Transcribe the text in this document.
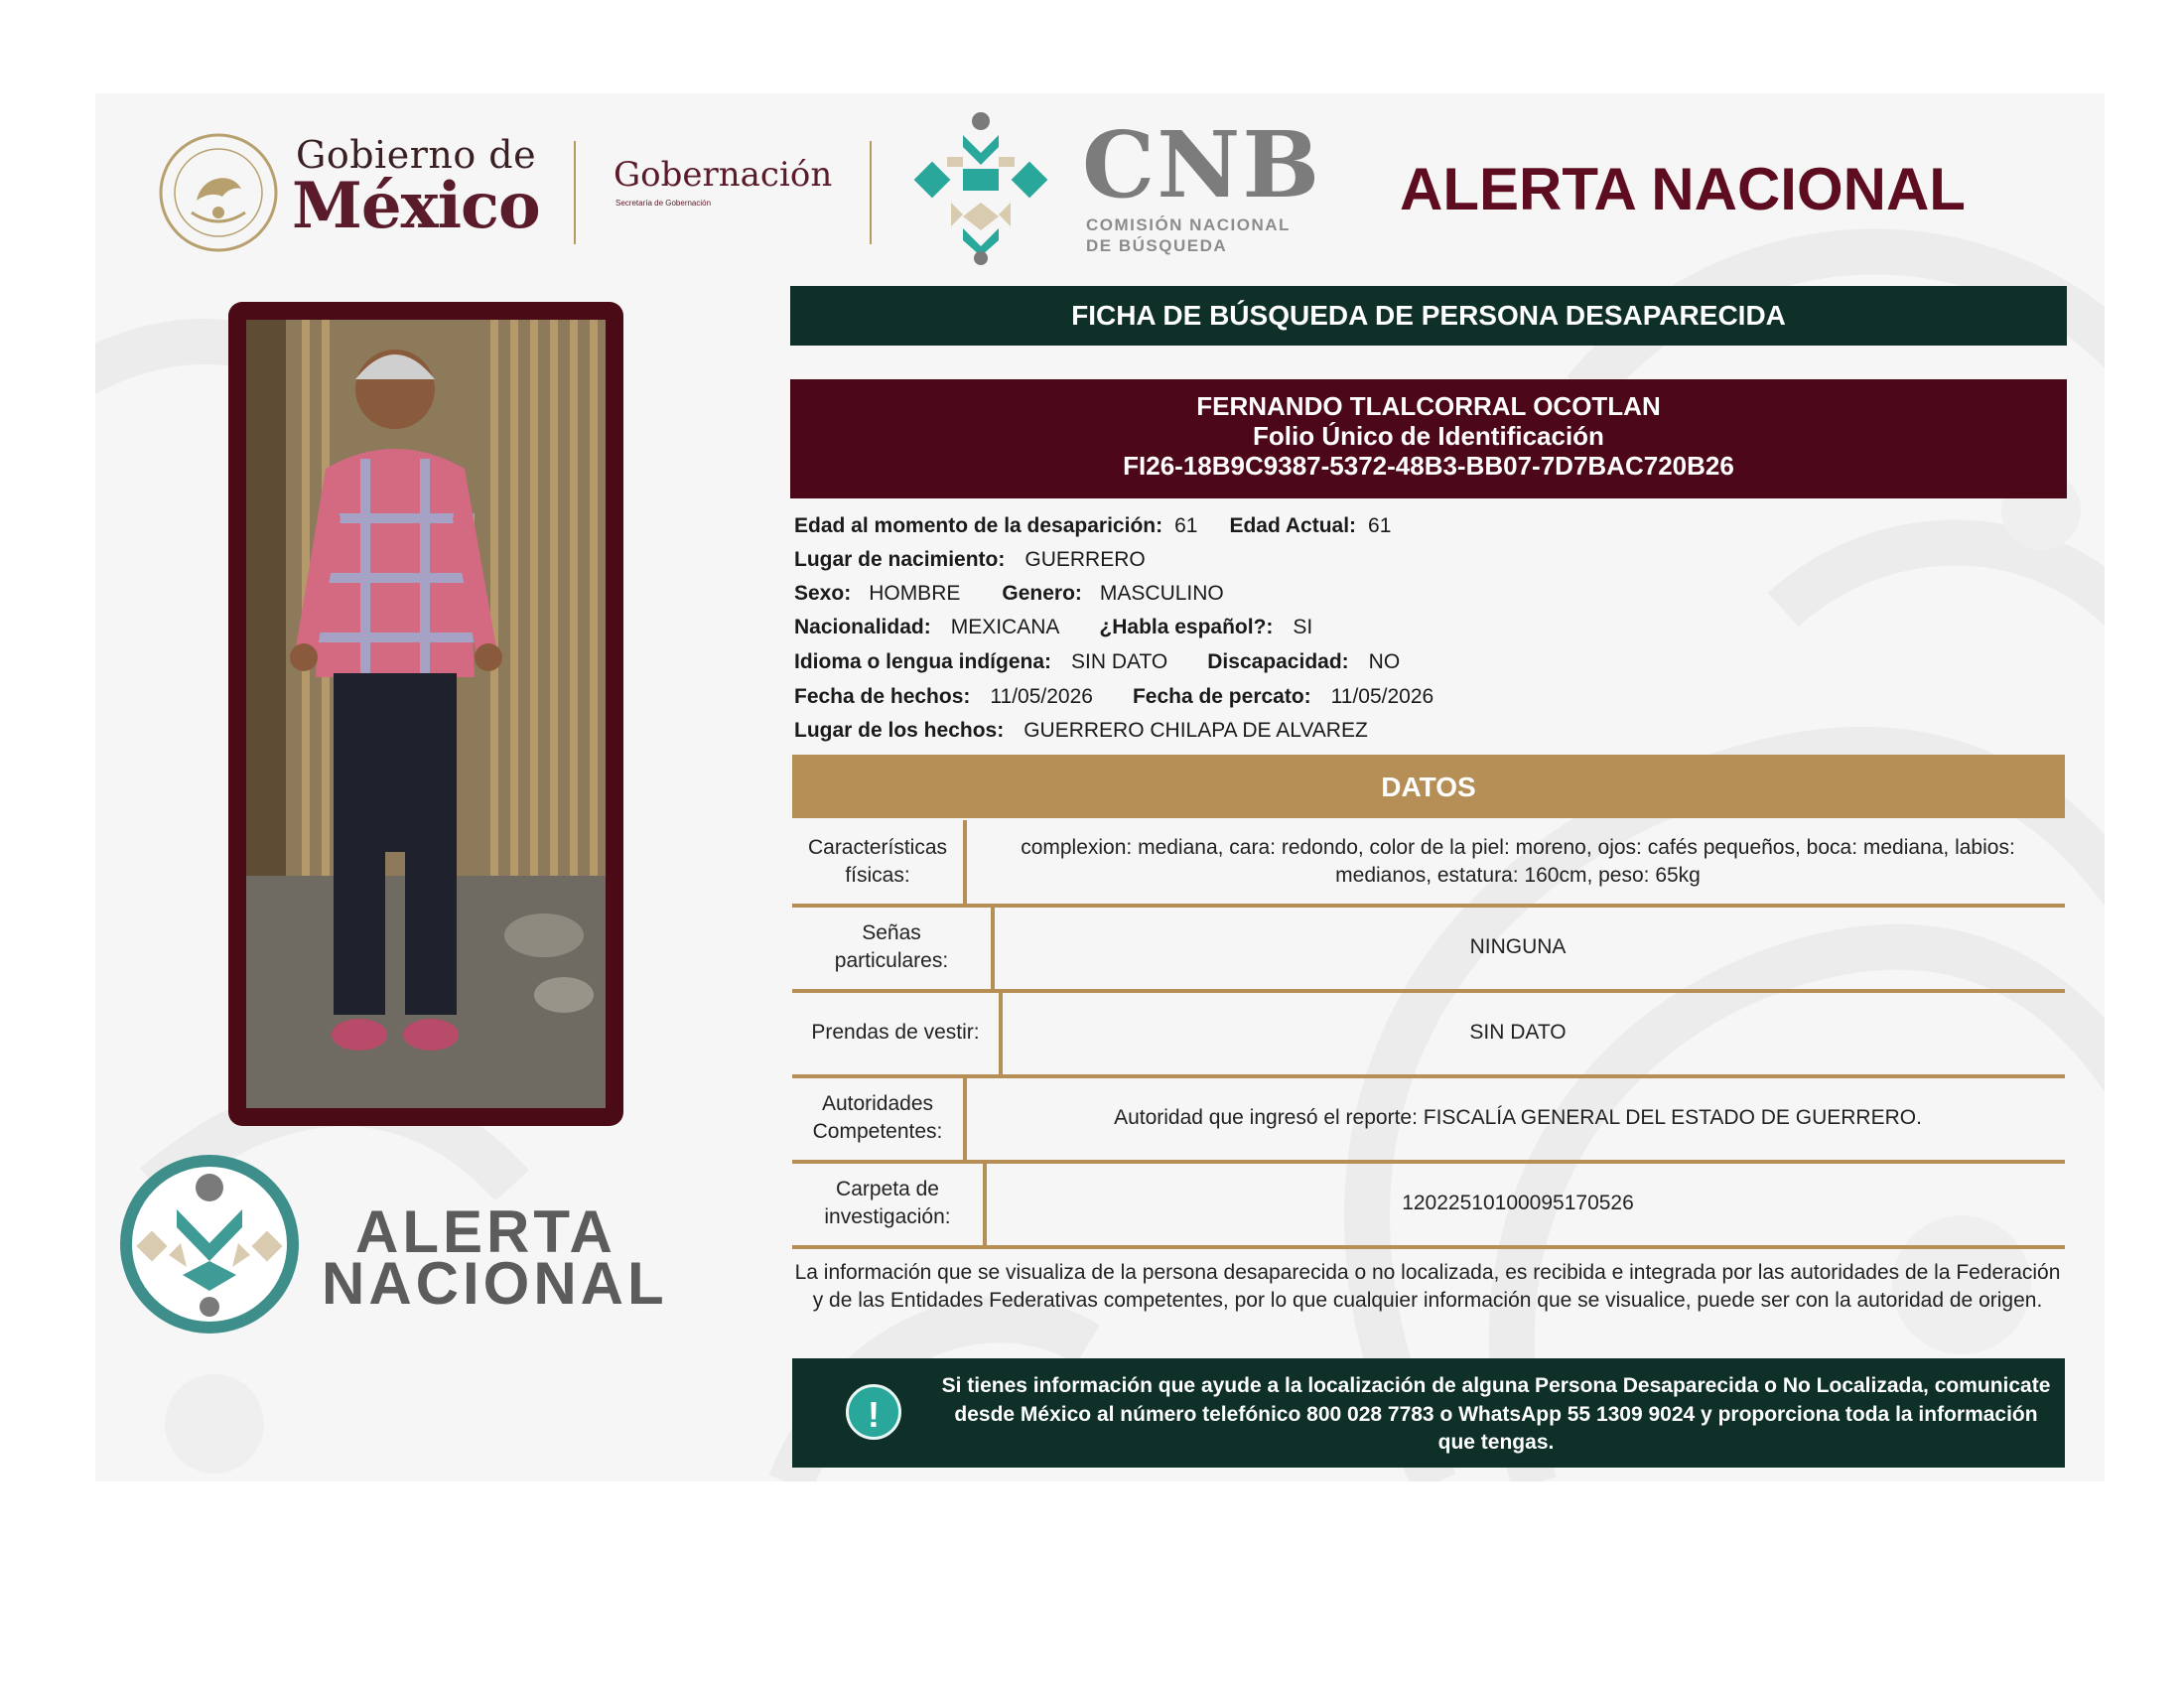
Gobierno de
México Gobernación
Secretaría de Gobernación	CNB
COMISIÓN NACIONAL
DE BÚSQUEDA
ALERTA NACIONAL
ALERTA
NACIONAL
FICHA DE BÚSQUEDA DE PERSONA DESAPARECIDA
FERNANDO TLALCORRAL OCOTLAN
Folio Único de Identificación
FI26-18B9C9387-5372-48B3-BB07-7D7BAC720B26
Edad al momento de la desaparición: 61 Edad Actual: 61
Lugar de nacimiento: GUERRERO
Sexo: HOMBRE Genero: MASCULINO
Nacionalidad: MEXICANA ¿Habla español?: SI
Idioma o lengua indígena: SIN DATO Discapacidad: NO
Fecha de hechos: 11/05/2026 Fecha de percato: 11/05/2026
Lugar de los hechos: GUERRERO CHILAPA DE ALVAREZ
DATOS
Características físicas:
complexion: mediana, cara: redondo, color de la piel: moreno, ojos: cafés pequeños, boca: mediana, labios: medianos, estatura: 160cm, peso: 65kg
Señas particulares:
NINGUNA
Prendas de vestir:	SIN DATO
Autoridades Competentes:
Autoridad que ingresó el reporte: FISCALÍA GENERAL DEL ESTADO DE GUERRERO.
Carpeta de investigación:
12022510100095170526
La información que se visualiza de la persona desaparecida o no localizada, es recibida e integrada por las autoridades de la Federación y de las Entidades Federativas competentes, por lo que cualquier información que se visualice, puede ser con la autoridad de origen.
!
Si tienes información que ayude a la localización de alguna Persona Desaparecida o No Localizada, comunicate desde México al número telefónico 800 028 7783 o WhatsApp 55 1309 9024 y proporciona toda la información que tengas.
